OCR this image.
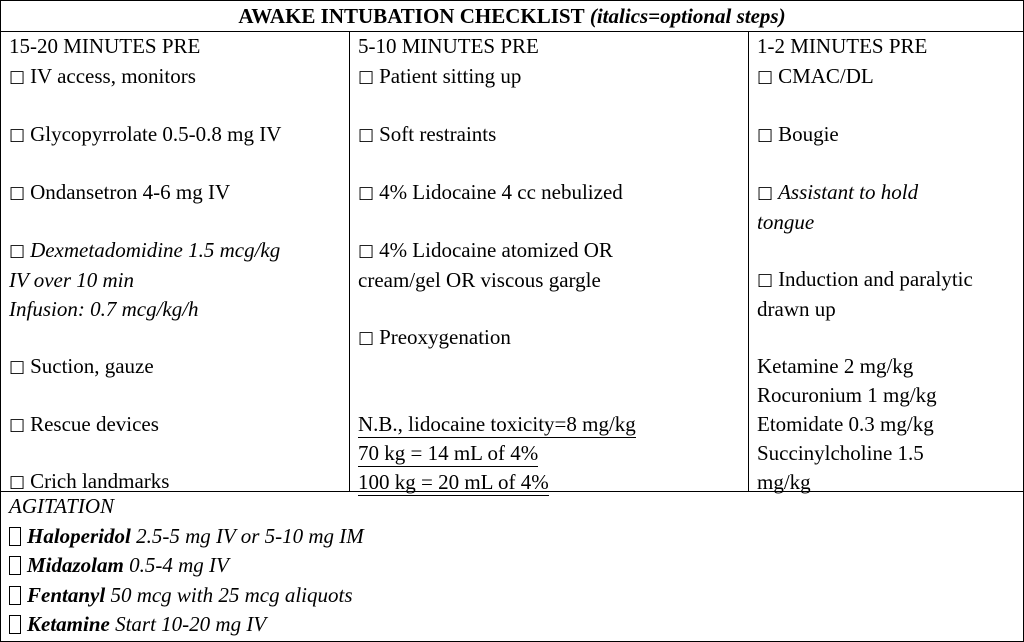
AWAKE INTUBATION CHECKLIST (italics=optional steps)
15-20 MINUTES PRE
□ IV access, monitors
□ Glycopyrrolate 0.5-0.8 mg IV
□ Ondansetron 4-6 mg IV
□ Dexmetadomidine 1.5 mcg/kg
IV over 10 min
Infusion: 0.7 mcg/kg/h
□ Suction, gauze
□ Rescue devices
□ Crich landmarks
5-10 MINUTES PRE
□ Patient sitting up
□ Soft restraints
□ 4% Lidocaine 4 cc nebulized
□ 4% Lidocaine atomized OR
cream/gel OR viscous gargle
□ Preoxygenation
N.B., lidocaine toxicity=8 mg/kg
70 kg = 14 mL of 4%
100 kg = 20 mL of 4%
1-2 MINUTES PRE
□ CMAC/DL
□ Bougie
□ Assistant to hold
tongue
□ Induction and paralytic
drawn up
Ketamine 2 mg/kg
Rocuronium 1 mg/kg
Etomidate 0.3 mg/kg
Succinylcholine 1.5
mg/kg
AGITATION
Haloperidol 2.5-5 mg IV or 5-10 mg IM
Midazolam 0.5-4 mg IV
Fentanyl 50 mcg with 25 mcg aliquots
Ketamine Start 10-20 mg IV
